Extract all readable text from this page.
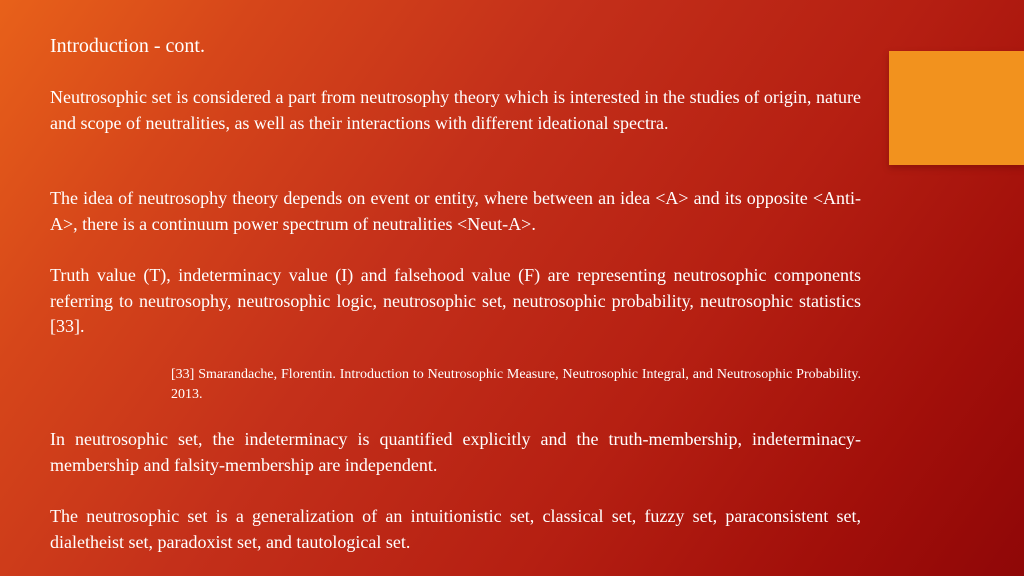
Introduction - cont.

Neutrosophic set is considered a part from neutrosophy theory which is interested in the studies of origin, nature and scope of neutralities, as well as their interactions with different ideational spectra.

The idea of neutrosophy theory depends on event or entity, where between an idea <A> and its opposite <Anti-A>, there is a continuum power spectrum of neutralities <Neut-A>.

Truth value (T), indeterminacy value (I) and falsehood value (F) are representing neutrosophic components referring to neutrosophy, neutrosophic logic, neutrosophic set, neutrosophic probability, neutrosophic statistics [33].

[33] Smarandache, Florentin. Introduction to Neutrosophic Measure, Neutrosophic Integral, and Neutrosophic Probability. 2013.

In neutrosophic set, the indeterminacy is quantified explicitly and the truth-membership, indeterminacy-membership and falsity-membership are independent.

The neutrosophic set is a generalization of an intuitionistic set, classical set, fuzzy set, paraconsistent set, dialetheist set, paradoxist set, and tautological set.
